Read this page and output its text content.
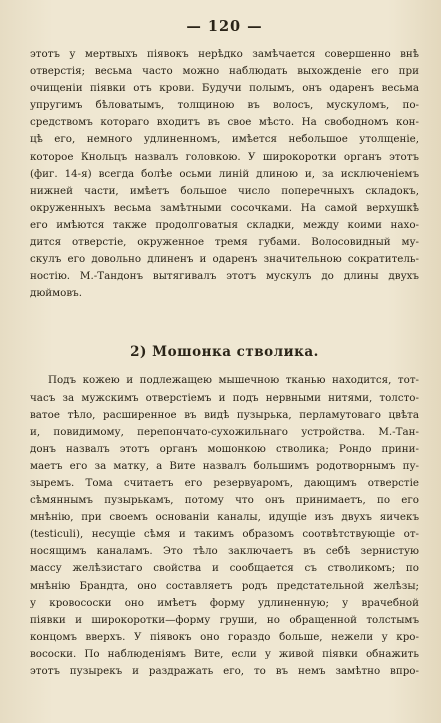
— 120 —
этотъ у мертвыхъ піявокъ нерѣдко замѣчается совершенно внѣ
отверстія; весьма часто можно наблюдать выхожденіе его при
очищеніи піявки отъ крови. Будучи полымъ, онъ одаренъ весьма
упругимъ бѣловатымъ, толщиною въ волосъ, мускуломъ, по-
средствомъ котораго входитъ въ свое мѣсто. На свободномъ кон-
цѣ его, немного удлиненномъ, имѣется небольшое утолщеніе,
которое Кнольцъ назвалъ головкою. У широкоротки органъ этотъ
(фиг. 14-я) всегда болѣе осьми линій длиною и, за исключеніемъ
нижней части, имѣетъ большое число поперечныхъ складокъ,
окруженныхъ весьма замѣтными сосочками. На самой верхушкѣ
его имѣются также продолговатыя складки, между коими нахо-
дится отверстіе, окруженное тремя губами. Волосовидный му-
скулъ его довольно длиненъ и одаренъ значительною сократитель-
ностію. М.-Тандонъ вытягивалъ этотъ мускулъ до длины двухъ
дюймовъ.
2) Мошонка стволика.
Подъ кожею и подлежащею мышечною тканью находится, тот-
часъ за мужскимъ отверстіемъ и подъ нервными нитями, толсто-
ватое тѣло, расширенное въ видѣ пузырька, перламутоваго цвѣта
и, повидимому, перепончато-сухожильнаго устройства. М.-Тан-
донъ назвалъ этотъ органъ мошонкою стволика; Рондо прини-
маетъ его за матку, а Вите назвалъ большимъ родотворнымъ пу-
зыремъ. Тома считаетъ его резервуаромъ, дающимъ отверстіе
сѣмяннымъ пузырькамъ, потому что онъ принимаетъ, по его
мнѣнію, при своемъ основаніи каналы, идущіе изъ двухъ яичекъ
(testiculi), несущіе сѣмя и такимъ образомъ соотвѣтствующіе от-
носящимъ каналамъ. Это тѣло заключаетъ въ себѣ зернистую
массу желѣзистаго свойства и сообщается съ стволикомъ; по
мнѣнію Брандта, оно составляетъ родъ предстательной желѣзы;
у кровососки оно имѣетъ форму удлиненную; у врачебной
піявки и широкоротки—форму груши, но обращенной толстымъ
концомъ вверхъ. У піявокъ оно гораздо больше, нежели у кро-
вососки. По наблюденіямъ Вите, если у живой піявки обнажить
этотъ пузырекъ и раздражать его, то въ немъ замѣтно впро-
